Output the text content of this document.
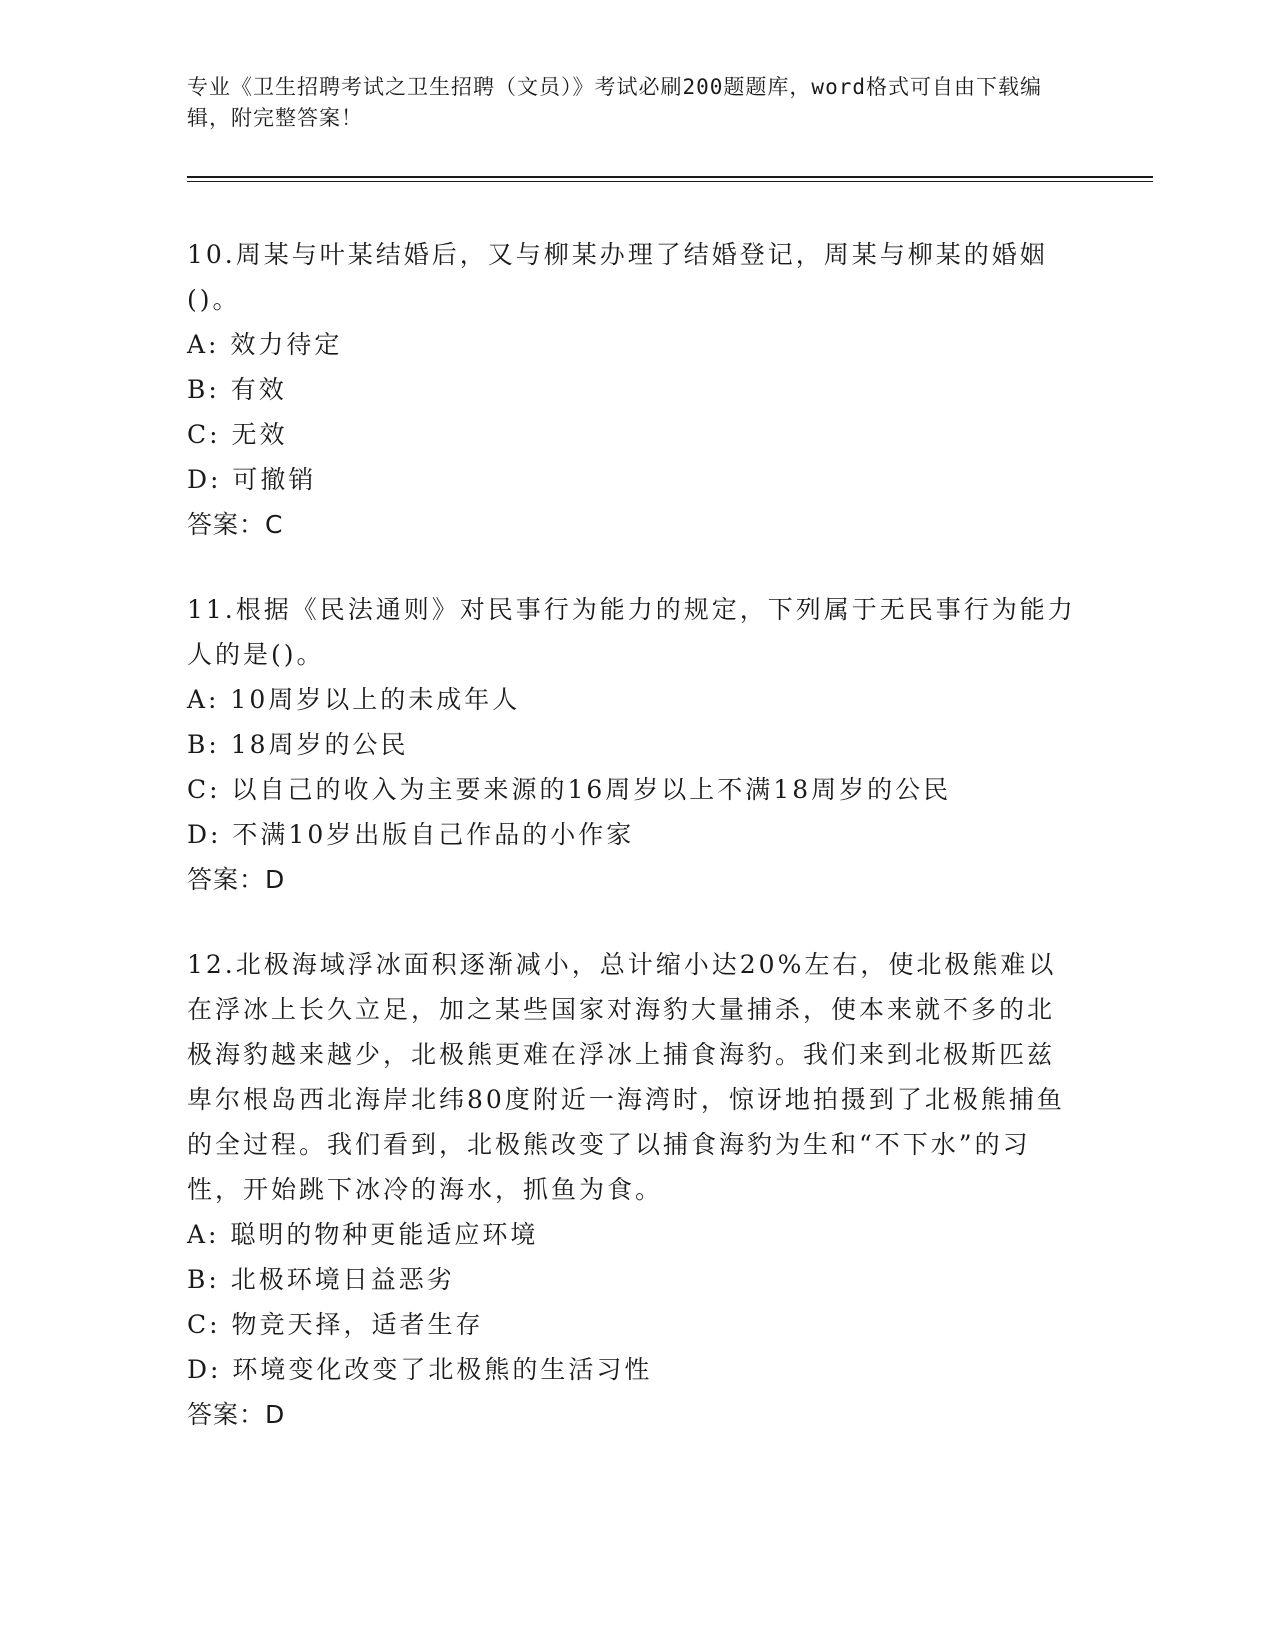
专业《卫生招聘考试之卫生招聘（文员）》考试必刷200题题库，word格式可自由下载编辑，附完整答案！

10.周某与叶某结婚后，又与柳某办理了结婚登记，周某与柳某的婚姻()。

A: 效力待定

B: 有效

C: 无效

D: 可撤销

答案：C

11.根据《民法通则》对民事行为能力的规定，下列属于无民事行为能力人的是()。

A: 10周岁以上的未成年人

B: 18周岁的公民

C: 以自己的收入为主要来源的16周岁以上不满18周岁的公民

D: 不满10岁出版自己作品的小作家

答案：D

12.北极海域浮冰面积逐渐减小，总计缩小达20%左右，使北极熊难以在浮冰上长久立足，加之某些国家对海豹大量捕杀，使本来就不多的北极海豹越来越少，北极熊更难在浮冰上捕食海豹。我们来到北极斯匹兹卑尔根岛西北海岸北纬80度附近一海湾时，惊讶地拍摄到了北极熊捕鱼的全过程。我们看到，北极熊改变了以捕食海豹为生和“不下水”的习性，开始跳下冰冷的海水，抓鱼为食。

A: 聪明的物种更能适应环境

B: 北极环境日益恶劣

C: 物竞天择，适者生存

D: 环境变化改变了北极熊的生活习性

答案：D
